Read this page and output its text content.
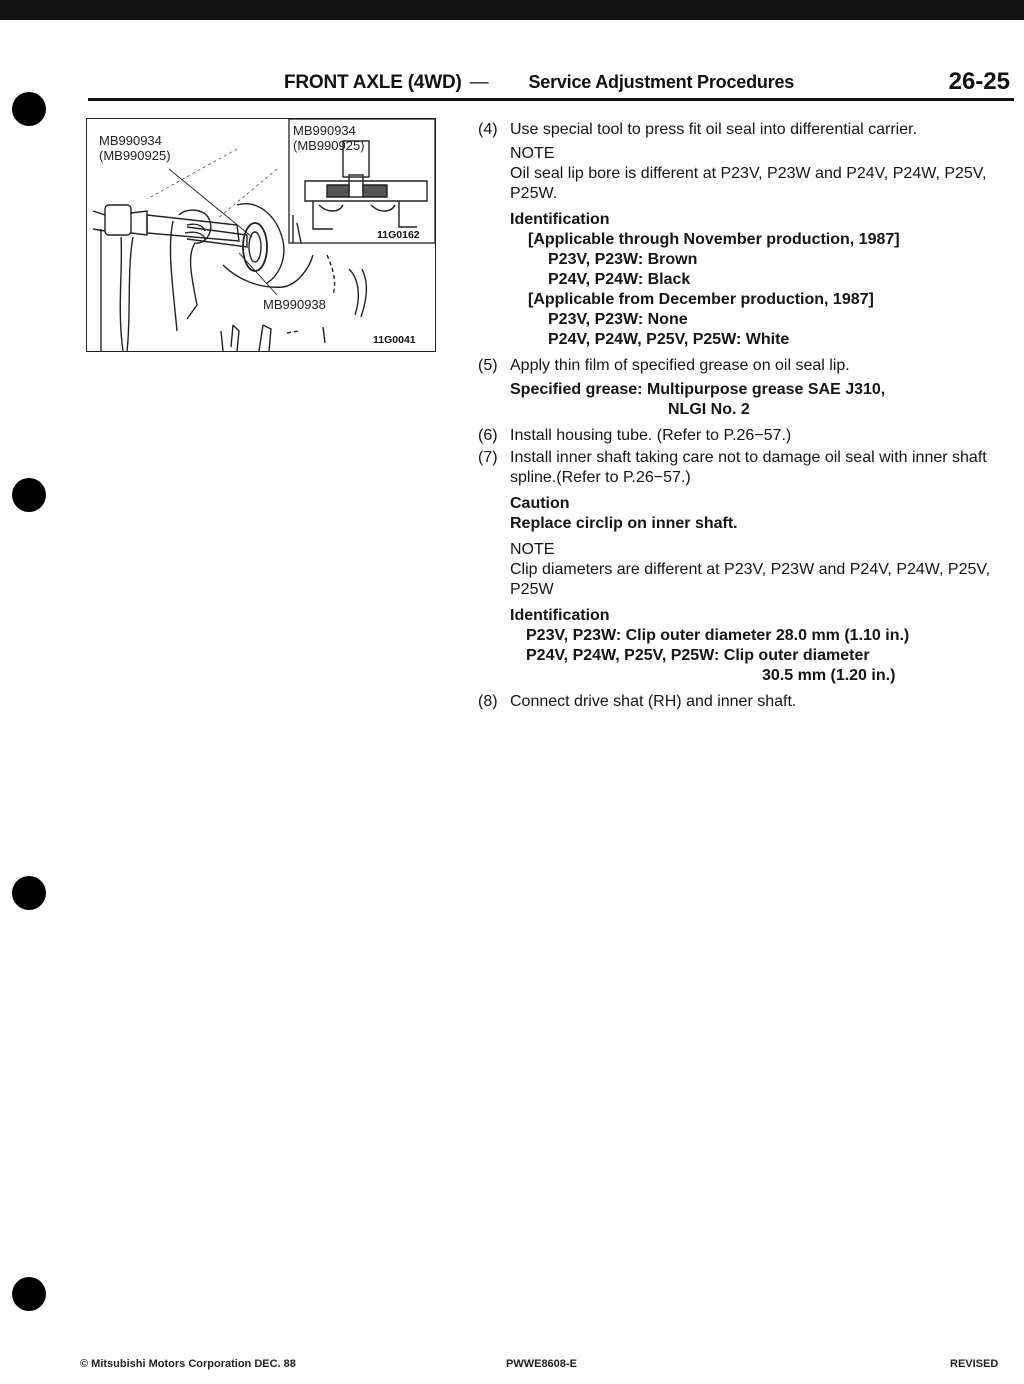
FRONT AXLE (4WD) — Service Adjustment Procedures	26-25
MB990934
(MB990925)
MB990934
(MB990925)
MB990938
11G0162
11G0041
(4) Use special tool to press fit oil seal into differential carrier.
NOTE
Oil seal lip bore is different at P23V, P23W and P24V, P24W, P25V, P25W.
Identification
[Applicable through November production, 1987]
P23V, P23W: Brown
P24V, P24W: Black
[Applicable from December production, 1987]
P23V, P23W: None
P24V, P24W, P25V, P25W: White
(5) Apply thin film of specified grease on oil seal lip.
Specified grease: Multipurpose grease SAE J310,
NLGI No. 2
(6) Install housing tube. (Refer to P.26−57.)
(7) Install inner shaft taking care not to damage oil seal with inner shaft spline.(Refer to P.26−57.)
Caution
Replace circlip on inner shaft.
NOTE
Clip diameters are different at P23V, P23W and P24V, P24W, P25V, P25W
Identification
P23V, P23W: Clip outer diameter 28.0 mm (1.10 in.)
P24V, P24W, P25V, P25W: Clip outer diameter
30.5 mm (1.20 in.)
(8) Connect drive shat (RH) and inner shaft.
© Mitsubishi Motors Corporation DEC. 88	PWWE8608-E	REVISED
